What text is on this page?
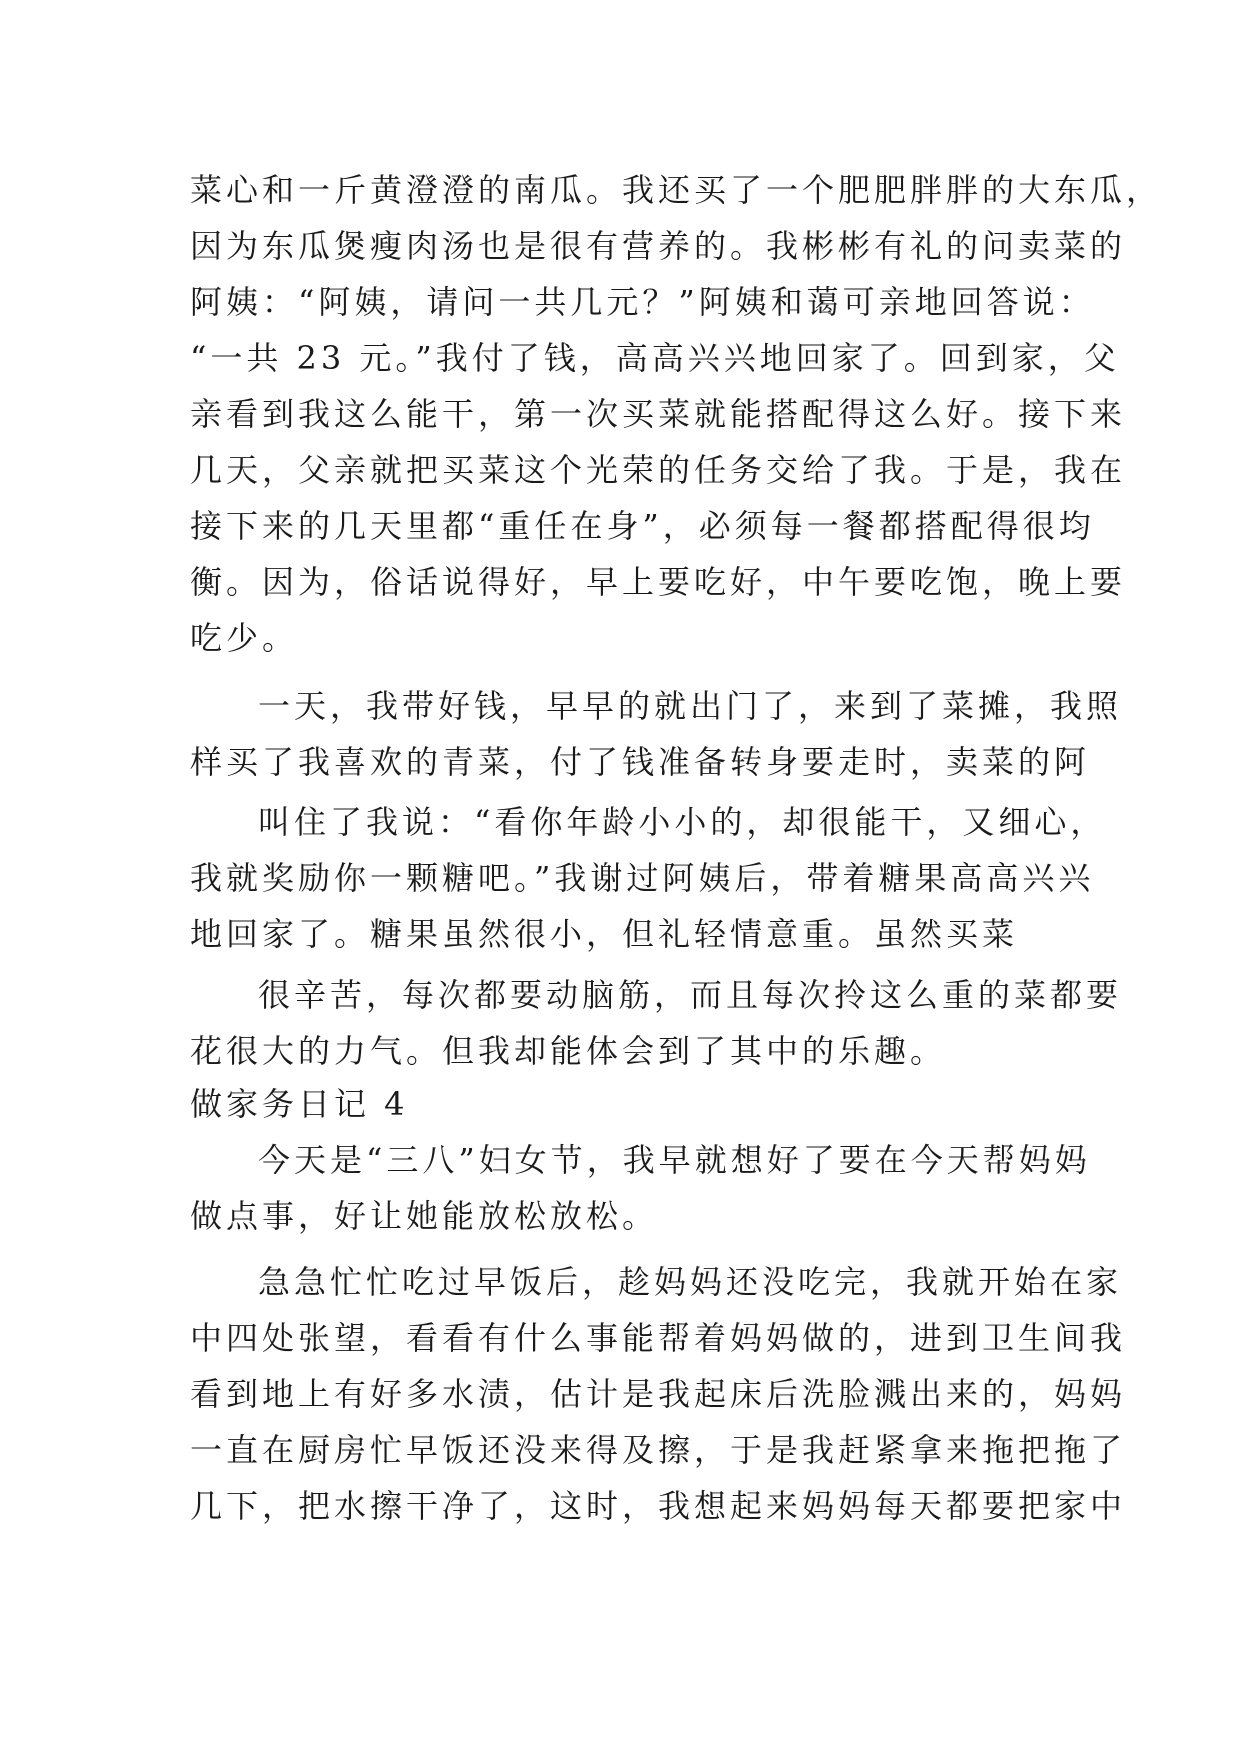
菜心和一斤黄澄澄的南瓜。我还买了一个肥肥胖胖的大东瓜，
因为东瓜煲瘦肉汤也是很有营养的。我彬彬有礼的问卖菜的
阿姨：“阿姨，请问一共几元？”阿姨和蔼可亲地回答说：
“一共 23 元。”我付了钱，高高兴兴地回家了。回到家，父
亲看到我这么能干，第一次买菜就能搭配得这么好。接下来
几天，父亲就把买菜这个光荣的任务交给了我。于是，我在
接下来的几天里都“重任在身”，必须每一餐都搭配得很均
衡。因为，俗话说得好，早上要吃好，中午要吃饱，晚上要
吃少。
一天，我带好钱，早早的就出门了，来到了菜摊，我照
样买了我喜欢的青菜，付了钱准备转身要走时，卖菜的阿
叫住了我说：“看你年龄小小的，却很能干，又细心，
我就奖励你一颗糖吧。”我谢过阿姨后，带着糖果高高兴兴
地回家了。糖果虽然很小，但礼轻情意重。虽然买菜
很辛苦，每次都要动脑筋，而且每次拎这么重的菜都要
花很大的力气。但我却能体会到了其中的乐趣。
做家务日记 4
今天是“三八”妇女节，我早就想好了要在今天帮妈妈
做点事，好让她能放松放松。
急急忙忙吃过早饭后，趁妈妈还没吃完，我就开始在家
中四处张望，看看有什么事能帮着妈妈做的，进到卫生间我
看到地上有好多水渍，估计是我起床后洗脸溅出来的，妈妈
一直在厨房忙早饭还没来得及擦，于是我赶紧拿来拖把拖了
几下，把水擦干净了，这时，我想起来妈妈每天都要把家中
